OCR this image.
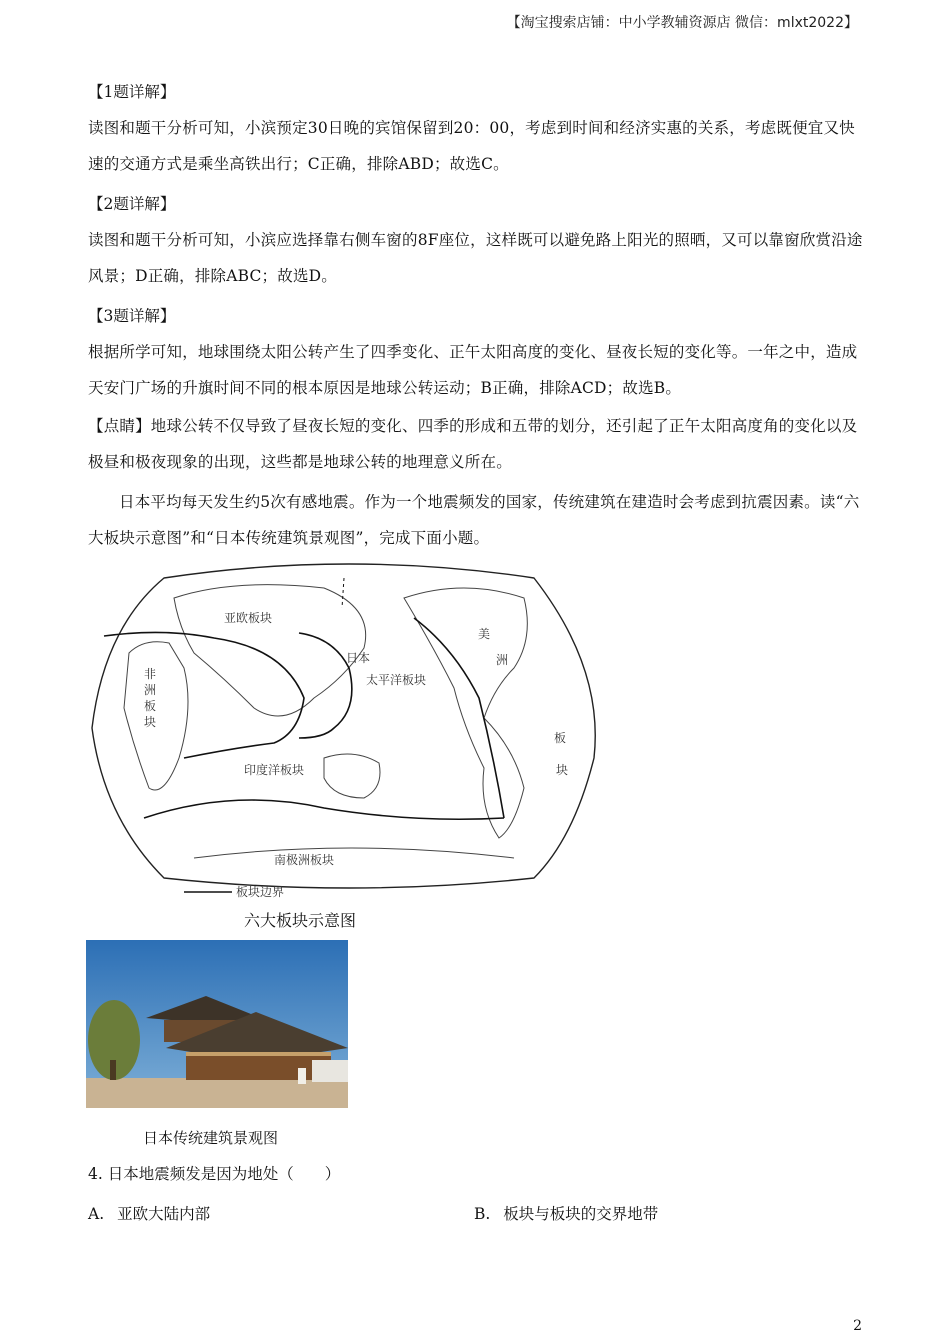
【淘宝搜索店铺：中小学教辅资源店 微信：mlxt2022】
【1题详解】
读图和题干分析可知，小滨预定30日晚的宾馆保留到20：00，考虑到时间和经济实惠的关系，考虑既便宜又快速的交通方式是乘坐高铁出行；C正确，排除ABD；故选C。
【2题详解】
读图和题干分析可知，小滨应选择靠右侧车窗的8F座位，这样既可以避免路上阳光的照晒，又可以靠窗欣赏沿途风景；D正确，排除ABC；故选D。
【3题详解】
根据所学可知，地球围绕太阳公转产生了四季变化、正午太阳高度的变化、昼夜长短的变化等。一年之中，造成天安门广场的升旗时间不同的根本原因是地球公转运动；B正确，排除ACD；故选B。
【点睛】地球公转不仅导致了昼夜长短的变化、四季的形成和五带的划分，还引起了正午太阳高度角的变化以及极昼和极夜现象的出现，这些都是地球公转的地理意义所在。
日本平均每天发生约5次有感地震。作为一个地震频发的国家，传统建筑在建造时会考虑到抗震因素。读“六大板块示意图”和“日本传统建筑景观图”，完成下面小题。
亚欧板块
非
洲
板
块
日本
太平洋板块
美
洲
板
块
印度洋板块
南极洲板块
板块边界
六大板块示意图
日本传统建筑景观图
4. 日本地震频发是因为地处（　　）
A. 亚欧大陆内部	B. 板块与板块的交界地带
2
